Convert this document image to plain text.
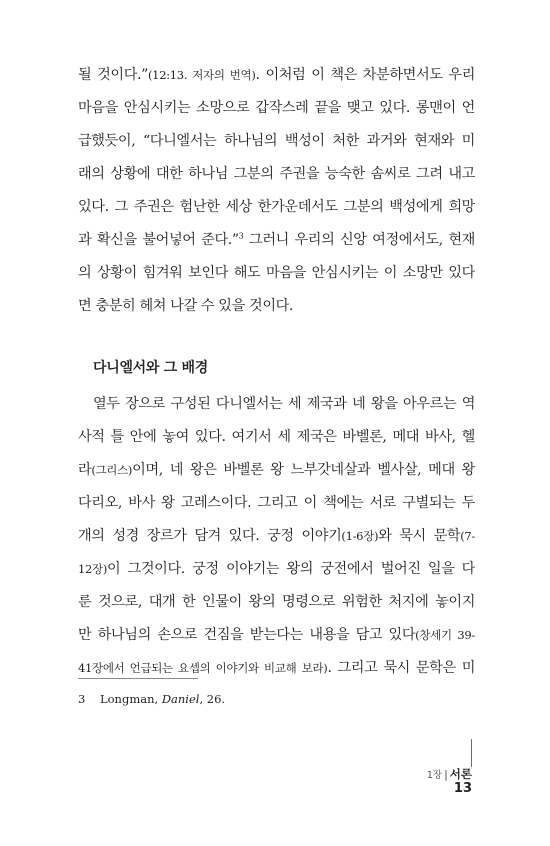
될 것이다.”(12:13. 저자의 번역). 이처럼 이 책은 차분하면서도 우리
마음을 안심시키는 소망으로 갑작스레 끝을 맺고 있다. 롱맨이 언
급했듯이, “다니엘서는 하나님의 백성이 처한 과거와 현재와 미
래의 상황에 대한 하나님 그분의 주권을 능숙한 솜씨로 그려 내고
있다. 그 주권은 험난한 세상 한가운데서도 그분의 백성에게 희망
과 확신을 불어넣어 준다.”$^3$ 그러니 우리의 신앙 여정에서도, 현재
의 상황이 힘겨워 보인다 해도 마음을 안심시키는 이 소망만 있다
면 충분히 헤쳐 나갈 수 있을 것이다.
다니엘서와 그 배경
열두 장으로 구성된 다니엘서는 세 제국과 네 왕을 아우르는 역
사적 틀 안에 놓여 있다. 여기서 세 제국은 바벨론, 메대 바사, 헬
라(그리스)이며, 네 왕은 바벨론 왕 느부갓네살과 벨사살, 메대 왕
다리오, 바사 왕 고레스이다. 그리고 이 책에는 서로 구별되는 두
개의 성경 장르가 담겨 있다. 궁정 이야기(1-6장)와 묵시 문학(7-
12장)이 그것이다. 궁정 이야기는 왕의 궁전에서 벌어진 일을 다
룬 것으로, 대개 한 인물이 왕의 명령으로 위험한 처지에 놓이지
만 하나님의 손으로 건짐을 받는다는 내용을 담고 있다(창세기 39-
41장에서 언급되는 요셉의 이야기와 비교해 보라). 그리고 묵시 문학은 미
3 Longman, Daniel, 26.
1장 | 서론
13
